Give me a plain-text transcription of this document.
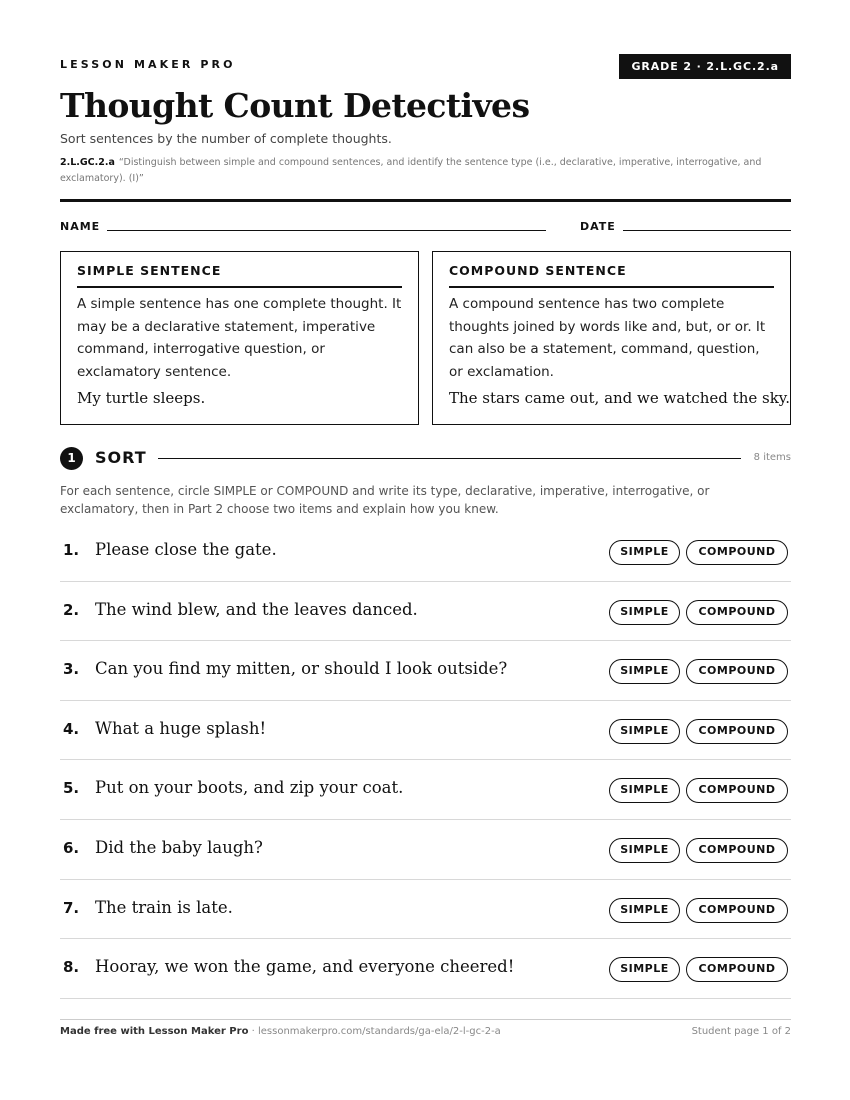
LESSON MAKER PRO	GRADE 2 · 2.L.GC.2.a
Thought Count Detectives
Sort sentences by the number of complete thoughts.
2.L.GC.2.a “Distinguish between simple and compound sentences, and identify the sentence type (i.e., declarative, imperative, interrogative, and exclamatory). (I)”
NAME	DATE
SIMPLE SENTENCE
A simple sentence has one complete thought. It may be a declarative statement, imperative command, interrogative question, or exclamatory sentence.
My turtle sleeps.
COMPOUND SENTENCE
A compound sentence has two complete thoughts joined by words like and, but, or or. It can also be a statement, command, question, or exclamation.
The stars came out, and we watched the sky.
1	SORT	8 items
For each sentence, circle SIMPLE or COMPOUND and write its type, declarative, imperative, interrogative, or exclamatory, then in Part 2 choose two items and explain how you knew.
1. Please close the gate.	SIMPLE	COMPOUND
2. The wind blew, and the leaves danced.	SIMPLE	COMPOUND
3. Can you find my mitten, or should I look outside?	SIMPLE	COMPOUND
4. What a huge splash!	SIMPLE	COMPOUND
5. Put on your boots, and zip your coat.	SIMPLE	COMPOUND
6. Did the baby laugh?	SIMPLE	COMPOUND
7. The train is late.	SIMPLE	COMPOUND
8. Hooray, we won the game, and everyone cheered!	SIMPLE	COMPOUND
Made free with Lesson Maker Pro · lessonmakerpro.com/standards/ga-ela/2-l-gc-2-a	Student page 1 of 2
